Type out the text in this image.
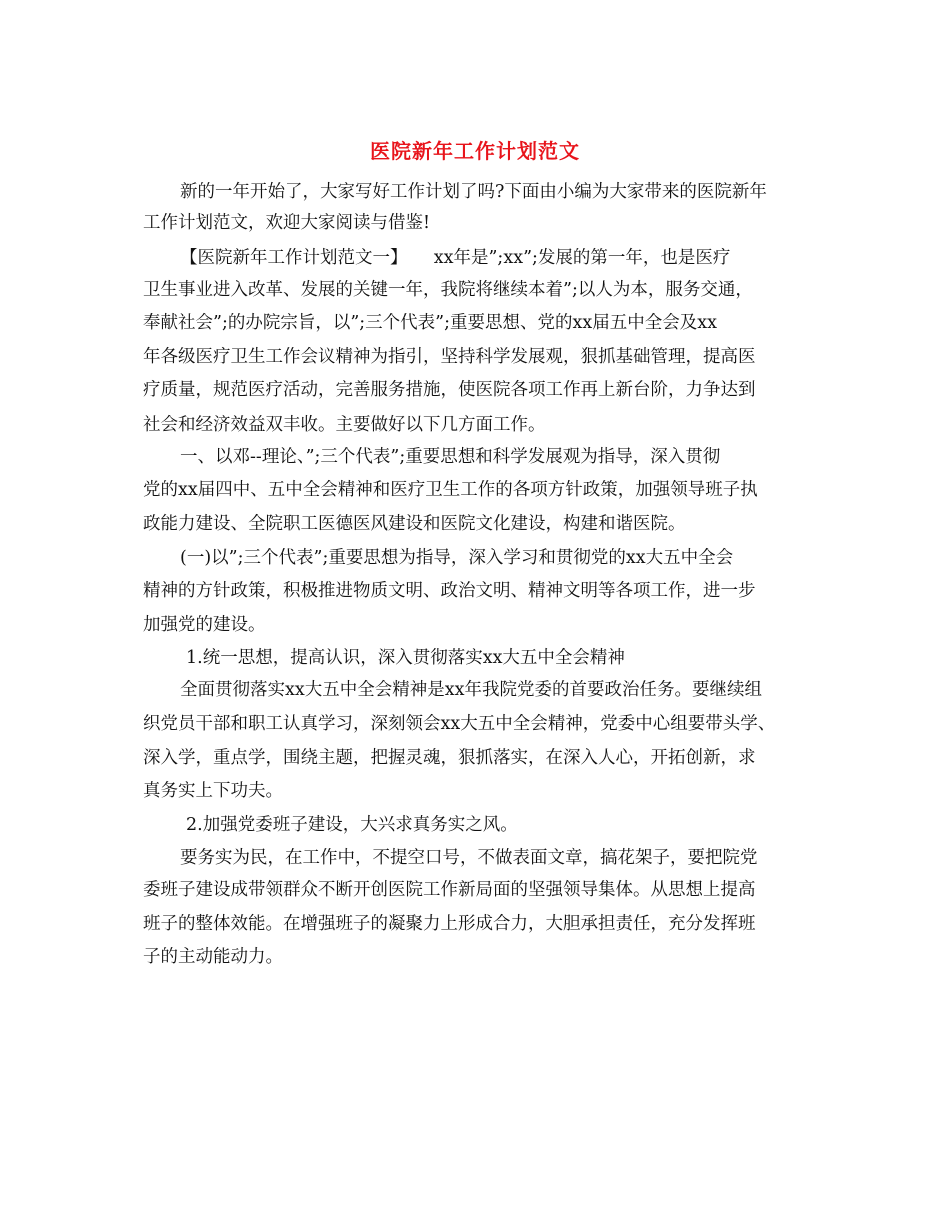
医院新年工作计划范文
新的一年开始了，大家写好工作计划了吗?下面由小编为大家带来的医院新年
工作计划范文，欢迎大家阅读与借鉴!
【医院新年工作计划范文一】　　xx年是”;xx”;发展的第一年，也是医疗
卫生事业进入改革、发展的关键一年，我院将继续本着”;以人为本，服务交通，
奉献社会”;的办院宗旨，以”;三个代表”;重要思想、党的xx届五中全会及xx
年各级医疗卫生工作会议精神为指引，坚持科学发展观，狠抓基础管理，提高医
疗质量，规范医疗活动，完善服务措施，使医院各项工作再上新台阶，力争达到
社会和经济效益双丰收。主要做好以下几方面工作。
一、以邓--理论、”;三个代表”;重要思想和科学发展观为指导，深入贯彻
党的xx届四中、五中全会精神和医疗卫生工作的各项方针政策，加强领导班子执
政能力建设、全院职工医德医风建设和医院文化建设，构建和谐医院。
(一)以”;三个代表”;重要思想为指导，深入学习和贯彻党的xx大五中全会
精神的方针政策，积极推进物质文明、政治文明、精神文明等各项工作，进一步
加强党的建设。
1.统一思想，提高认识，深入贯彻落实xx大五中全会精神
全面贯彻落实xx大五中全会精神是xx年我院党委的首要政治任务。要继续组
织党员干部和职工认真学习，深刻领会xx大五中全会精神，党委中心组要带头学、
深入学，重点学，围绕主题，把握灵魂，狠抓落实，在深入人心，开拓创新，求
真务实上下功夫。
2.加强党委班子建设，大兴求真务实之风。
要务实为民，在工作中，不提空口号，不做表面文章，搞花架子，要把院党
委班子建设成带领群众不断开创医院工作新局面的坚强领导集体。从思想上提高
班子的整体效能。在增强班子的凝聚力上形成合力，大胆承担责任，充分发挥班
子的主动能动力。
